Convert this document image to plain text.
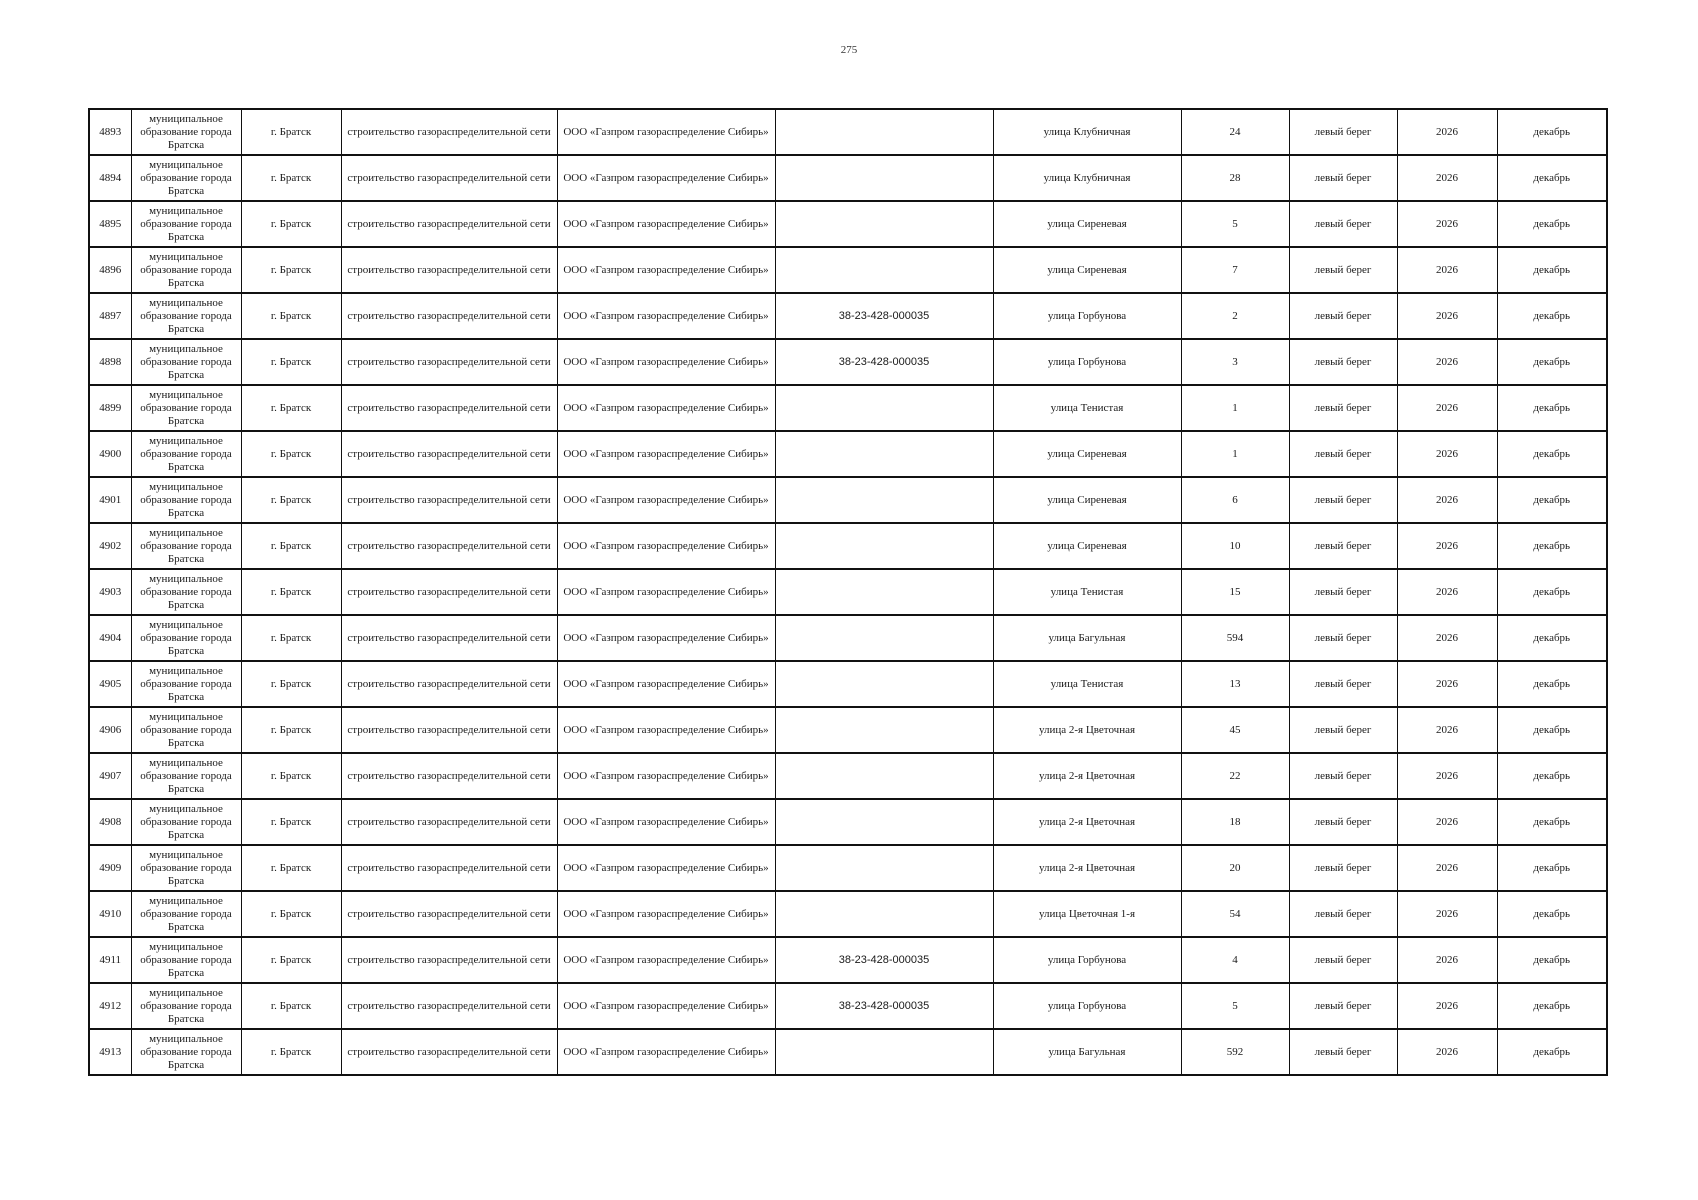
275
4893	муниципальное образование города Братска	г. Братск	строительство газораспределительной сети	ООО «Газпром газораспределение Сибирь»		улица Клубничная	24	левый берег	2026	декабрь
4894	муниципальное образование города Братска	г. Братск	строительство газораспределительной сети	ООО «Газпром газораспределение Сибирь»		улица Клубничная	28	левый берег	2026	декабрь
4895	муниципальное образование города Братска	г. Братск	строительство газораспределительной сети	ООО «Газпром газораспределение Сибирь»		улица Сиреневая	5	левый берег	2026	декабрь
4896	муниципальное образование города Братска	г. Братск	строительство газораспределительной сети	ООО «Газпром газораспределение Сибирь»		улица Сиреневая	7	левый берег	2026	декабрь
4897	муниципальное образование города Братска	г. Братск	строительство газораспределительной сети	ООО «Газпром газораспределение Сибирь»	38-23-428-000035	улица Горбунова	2	левый берег	2026	декабрь
4898	муниципальное образование города Братска	г. Братск	строительство газораспределительной сети	ООО «Газпром газораспределение Сибирь»	38-23-428-000035	улица Горбунова	3	левый берег	2026	декабрь
4899	муниципальное образование города Братска	г. Братск	строительство газораспределительной сети	ООО «Газпром газораспределение Сибирь»		улица Тенистая	1	левый берег	2026	декабрь
4900	муниципальное образование города Братска	г. Братск	строительство газораспределительной сети	ООО «Газпром газораспределение Сибирь»		улица Сиреневая	1	левый берег	2026	декабрь
4901	муниципальное образование города Братска	г. Братск	строительство газораспределительной сети	ООО «Газпром газораспределение Сибирь»		улица Сиреневая	6	левый берег	2026	декабрь
4902	муниципальное образование города Братска	г. Братск	строительство газораспределительной сети	ООО «Газпром газораспределение Сибирь»		улица Сиреневая	10	левый берег	2026	декабрь
4903	муниципальное образование города Братска	г. Братск	строительство газораспределительной сети	ООО «Газпром газораспределение Сибирь»		улица Тенистая	15	левый берег	2026	декабрь
4904	муниципальное образование города Братска	г. Братск	строительство газораспределительной сети	ООО «Газпром газораспределение Сибирь»		улица Багульная	594	левый берег	2026	декабрь
4905	муниципальное образование города Братска	г. Братск	строительство газораспределительной сети	ООО «Газпром газораспределение Сибирь»		улица Тенистая	13	левый берег	2026	декабрь
4906	муниципальное образование города Братска	г. Братск	строительство газораспределительной сети	ООО «Газпром газораспределение Сибирь»		улица 2-я Цветочная	45	левый берег	2026	декабрь
4907	муниципальное образование города Братска	г. Братск	строительство газораспределительной сети	ООО «Газпром газораспределение Сибирь»		улица 2-я Цветочная	22	левый берег	2026	декабрь
4908	муниципальное образование города Братска	г. Братск	строительство газораспределительной сети	ООО «Газпром газораспределение Сибирь»		улица 2-я Цветочная	18	левый берег	2026	декабрь
4909	муниципальное образование города Братска	г. Братск	строительство газораспределительной сети	ООО «Газпром газораспределение Сибирь»		улица 2-я Цветочная	20	левый берег	2026	декабрь
4910	муниципальное образование города Братска	г. Братск	строительство газораспределительной сети	ООО «Газпром газораспределение Сибирь»		улица Цветочная 1-я	54	левый берег	2026	декабрь
4911	муниципальное образование города Братска	г. Братск	строительство газораспределительной сети	ООО «Газпром газораспределение Сибирь»	38-23-428-000035	улица Горбунова	4	левый берег	2026	декабрь
4912	муниципальное образование города Братска	г. Братск	строительство газораспределительной сети	ООО «Газпром газораспределение Сибирь»	38-23-428-000035	улица Горбунова	5	левый берег	2026	декабрь
4913	муниципальное образование города Братска	г. Братск	строительство газораспределительной сети	ООО «Газпром газораспределение Сибирь»		улица Багульная	592	левый берег	2026	декабрь
